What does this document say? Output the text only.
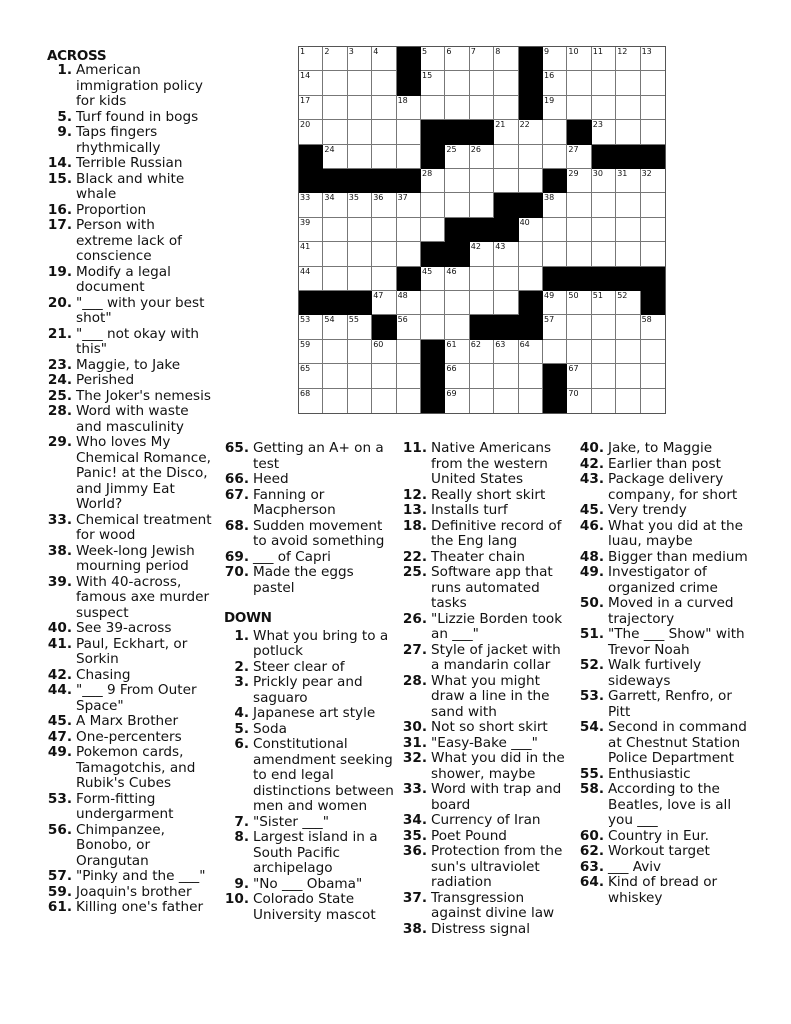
ACROSS
1. American immigration policy for kids
5. Turf found in bogs
9. Taps fingers rhythmically
14. Terrible Russian
15. Black and white whale
16. Proportion
17. Person with extreme lack of conscience
19. Modify a legal document
20. "___ with your best shot"
21. "___ not okay with this"
23. Maggie, to Jake
24. Perished
25. The Joker's nemesis
28. Word with waste and masculinity
29. Who loves My Chemical Romance, Panic! at the Disco, and Jimmy Eat World?
33. Chemical treatment for wood
38. Week-long Jewish mourning period
39. With 40-across, famous axe murder suspect
40. See 39-across
41. Paul, Eckhart, or Sorkin
42. Chasing
44. "___ 9 From Outer Space"
45. A Marx Brother
47. One-percenters
49. Pokemon cards, Tamagotchis, and Rubik's Cubes
53. Form-fitting undergarment
56. Chimpanzee, Bonobo, or Orangutan
57. "Pinky and the ___"
59. Joaquin's brother
61. Killing one's father
65. Getting an A+ on a test
66. Heed
67. Fanning or Macpherson
68. Sudden movement to avoid something
69. ___ of Capri
70. Made the eggs pastel
DOWN
1. What you bring to a potluck
2. Steer clear of
3. Prickly pear and saguaro
4. Japanese art style
5. Soda
6. Constitutional amendment seeking to end legal distinctions between men and women
7. "Sister ___"
8. Largest island in a South Pacific archipelago
9. "No ___ Obama"
10. Colorado State University mascot
11. Native Americans from the western United States
12. Really short skirt
13. Installs turf
18. Definitive record of the Eng lang
22. Theater chain
25. Software app that runs automated tasks
26. "Lizzie Borden took an ___"
27. Style of jacket with a mandarin collar
28. What you might draw a line in the sand with
30. Not so short skirt
31. "Easy-Bake ___"
32. What you did in the shower, maybe
33. Word with trap and board
34. Currency of Iran
35. Poet Pound
36. Protection from the sun's ultraviolet radiation
37. Transgression against divine law
38. Distress signal
40. Jake, to Maggie
42. Earlier than post
43. Package delivery company, for short
45. Very trendy
46. What you did at the luau, maybe
48. Bigger than medium
49. Investigator of organized crime
50. Moved in a curved trajectory
51. "The ___ Show" with Trevor Noah
52. Walk furtively sideways
53. Garrett, Renfro, or Pitt
54. Second in command at Chestnut Station Police Department
55. Enthusiastic
58. According to the Beatles, love is all you ___
60. Country in Eur.
62. Workout target
63. ___ Aviv
64. Kind of bread or whiskey
1 2 3 4	5 6 7 8	9 10 11 12 13
14	15	16
17	18	19
20	21 22	23
24	25 26	27
28	29 30 31 32
33 34 35 36 37	38
39	40
41	42 43
44	45 46
47 48	49 50 51 52
53 54 55	56	57	58
59	60	61 62 63 64
65	66	67
68	69	70
